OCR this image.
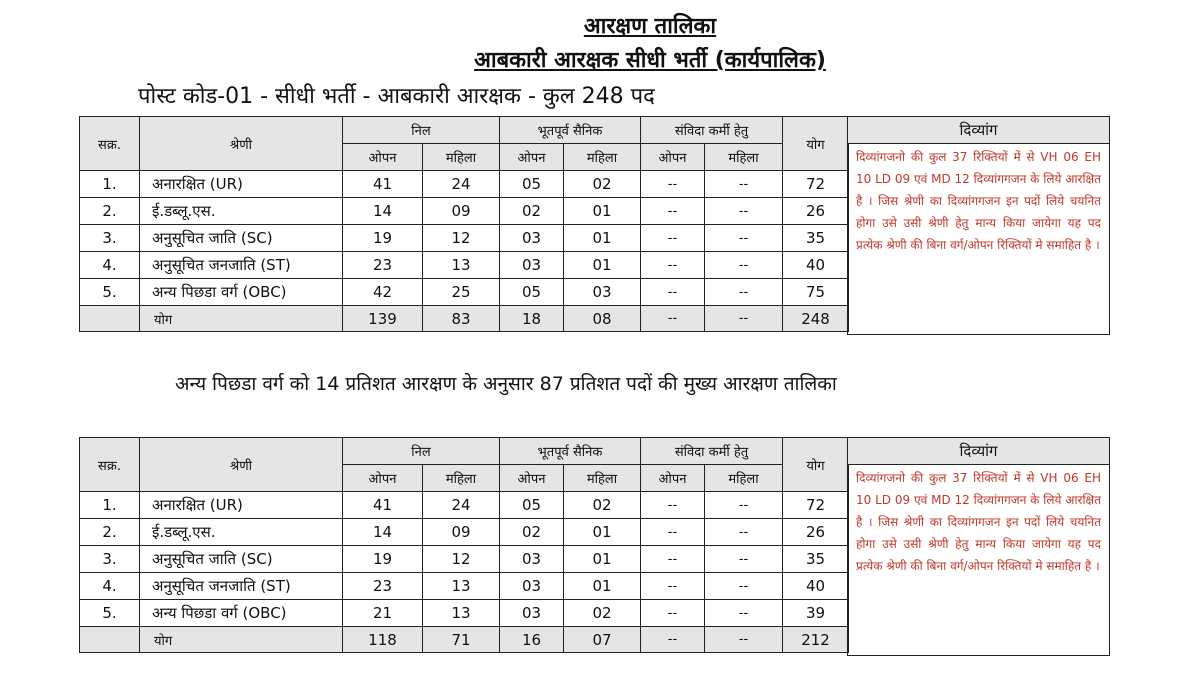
आरक्षण तालिका
आबकारी आरक्षक सीधी भर्ती (कार्यपालिक)
पोस्ट कोड-01 - सीधी भर्ती - आबकारी आरक्षक - कुल 248 पद
सक्र.	श्रेणी	निल		भूतपूर्व सैनिक		संविदा कर्मी हेतु		योग
		ओपन	महिला	ओपन	महिला	ओपन	महिला	
1.	अनारक्षित (UR)	41	24	05	02	--	--	72
2.	ई.डब्लू.एस.	14	09	02	01	--	--	26
3.	अनुसूचित जाति (SC)	19	12	03	01	--	--	35
4.	अनुसूचित जनजाति (ST)	23	13	03	01	--	--	40
5.	अन्य पिछडा वर्ग (OBC)	42	25	05	03	--	--	75
	योग	139	83	18	08	--	--	248
दिव्यांग
दिव्यांगजनो की कुल 37 रिक्तियों में से VH 06 EH 10 LD 09 एवं MD 12 दिव्यांगगजन के लिये आरक्षित है । जिस श्रेणी का दिव्यांगगजन इन पदों लिये चयनित होगा उसे उसी श्रेणी हेतु मान्य किया जायेगा यह पद प्रत्येक श्रेणी की बिना वर्ग/ओपन रिक्तियों मे समाहित है ।
अन्य पिछडा वर्ग को 14 प्रतिशत आरक्षण के अनुसार 87 प्रतिशत पदों की मुख्य आरक्षण तालिका
सक्र.	श्रेणी	निल		भूतपूर्व सैनिक		संविदा कर्मी हेतु		योग
		ओपन	महिला	ओपन	महिला	ओपन	महिला	
1.	अनारक्षित (UR)	41	24	05	02	--	--	72
2.	ई.डब्लू.एस.	14	09	02	01	--	--	26
3.	अनुसूचित जाति (SC)	19	12	03	01	--	--	35
4.	अनुसूचित जनजाति (ST)	23	13	03	01	--	--	40
5.	अन्य पिछडा वर्ग (OBC)	21	13	03	02	--	--	39
	योग	118	71	16	07	--	--	212
दिव्यांग
दिव्यांगजनो की कुल 37 रिक्तियों में से VH 06 EH 10 LD 09 एवं MD 12 दिव्यांगगजन के लिये आरक्षित है । जिस श्रेणी का दिव्यांगगजन इन पदों लिये चयनित होगा उसे उसी श्रेणी हेतु मान्य किया जायेगा यह पद प्रत्येक श्रेणी की बिना वर्ग/ओपन रिक्तियों मे समाहित है ।
